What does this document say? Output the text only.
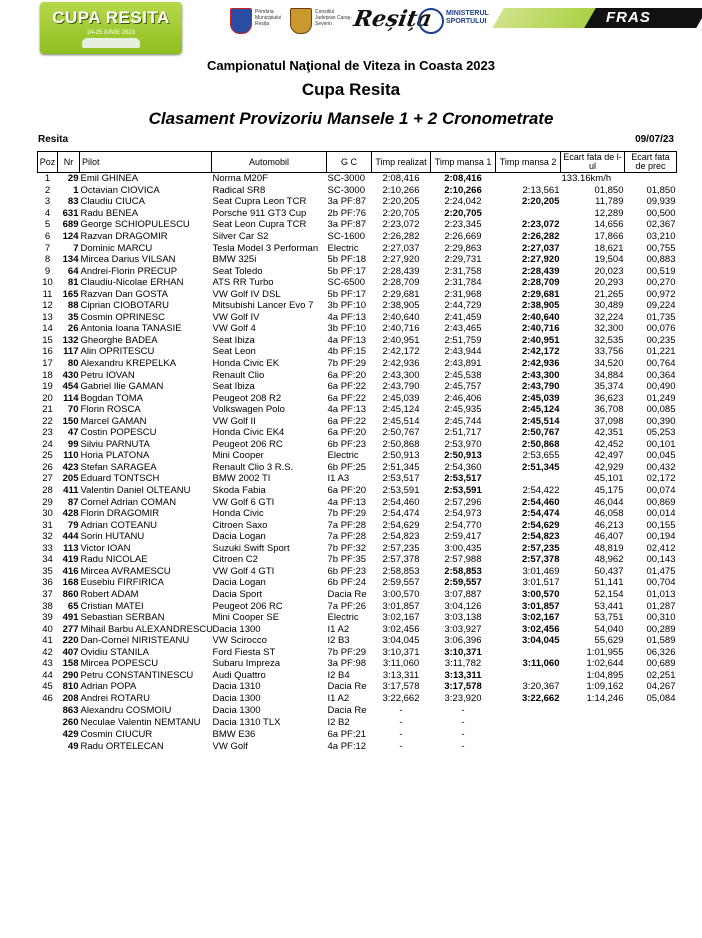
CUPA RESITA
24-25 IUNIE 2023
Primăria Municipiului Reșița
Consiliul Județean Caraș-Severin Reșița MINISTERUL SPORTULUI	FRAS
Campionatul Naţional de Viteza in Coasta 2023
Cupa Resita
Clasament Provizoriu Mansele 1 + 2 Cronometrate
Resita	09/07/23
Poz	Nr	Pilot	Automobil	G C	Timp realizat	Timp mansa 1	Timp mansa 2	Ecart fata de l-ul	Ecart fata de prec
1	29	Emil GHINEA	Norma M20F	SC-3000	2:08,416	2:08,416		133.16km/h	
2	1	Octavian CIOVICA	Radical SR8	SC-3000	2:10,266	2:10,266	2:13,561	01,850	01,850
3	83	Claudiu CIUCA	Seat Cupra Leon TCR	3a PF:87	2:20,205	2:24,042	2:20,205	11,789	09,939
4	631	Radu BENEA	Porsche 911 GT3 Cup	2b PF:76	2:20,705	2:20,705		12,289	00,500
5	689	George SCHIOPULESCU	Seat Leon Cupra TCR	3a PF:87	2:23,072	2:23,345	2:23,072	14,656	02,367
6	124	Razvan DRAGOMIR	Silver Car S2	SC-1600	2:26,282	2:26,669	2:26,282	17,866	03,210
7	7	Dominic MARCU	Tesla Model 3 Performan	Electric	2:27,037	2:29,863	2:27,037	18,621	00,755
8	134	Mircea Darius VILSAN	BMW 325i	5b PF:18	2:27,920	2:29,731	2:27,920	19,504	00,883
9	64	Andrei-Florin PRECUP	Seat Toledo	5b PF:17	2:28,439	2:31,758	2:28,439	20,023	00,519
10	81	Claudiu-Nicolae ERHAN	ATS RR Turbo	SC-6500	2:28,709	2:31,784	2:28,709	20,293	00,270
11	165	Razvan Dan GOSTA	VW Golf IV DSL	5b PF:17	2:29,681	2:31,968	2:29,681	21,265	00,972
12	88	Ciprian CIOBOTARU	Mitsubishi Lancer Evo 7	3b PF:10	2:38,905	2:44,729	2:38,905	30,489	09,224
13	35	Cosmin OPRINESC	VW Golf IV	4a PF:13	2:40,640	2:41,459	2:40,640	32,224	01,735
14	26	Antonia Ioana TANASIE	VW Golf 4	3b PF:10	2:40,716	2:43,465	2:40,716	32,300	00,076
15	132	Gheorghe BADEA	Seat Ibiza	4a PF:13	2:40,951	2:51,759	2:40,951	32,535	00,235
16	117	Alin OPRITESCU	Seat Leon	4b PF:15	2:42,172	2:43,944	2:42,172	33,756	01,221
17	80	Alexandru KREPELKA	Honda Civic EK	7b PF:29	2:42,936	2:43,891	2:42,936	34,520	00,764
18	430	Petru IOVAN	Renault Clio	6a PF:20	2:43,300	2:45,538	2:43,300	34,884	00,364
19	454	Gabriel Ilie GAMAN	Seat Ibiza	6a PF:22	2:43,790	2:45,757	2:43,790	35,374	00,490
20	114	Bogdan TOMA	Peugeot 208 R2	6a PF:22	2:45,039	2:46,406	2:45,039	36,623	01,249
21	70	Florin ROSCA	Volkswagen Polo	4a PF:13	2:45,124	2:45,935	2:45,124	36,708	00,085
22	150	Marcel GAMAN	VW Golf II	6a PF:22	2:45,514	2:45,744	2:45,514	37,098	00,390
23	47	Costin POPESCU	Honda Civic EK4	6a PF:20	2:50,767	2:51,717	2:50,767	42,351	05,253
24	99	Silviu PARNUTA	Peugeot 206 RC	6b PF:23	2:50,868	2:53,970	2:50,868	42,452	00,101
25	110	Horia PLATONA	Mini Cooper	Electric	2:50,913	2:50,913	2:53,655	42,497	00,045
26	423	Stefan SARAGEA	Renault Clio 3 R.S.	6b PF:25	2:51,345	2:54,360	2:51,345	42,929	00,432
27	205	Eduard TONTSCH	BMW 2002 TI	I1 A3	2:53,517	2:53,517		45,101	02,172
28	411	Valentin Daniel OLTEANU	Skoda Fabia	6a PF:20	2:53,591	2:53,591	2:54,422	45,175	00,074
29	87	Cornel Adrian COMAN	VW Golf 6 GTI	4a PF:13	2:54,460	2:57,296	2:54,460	46,044	00,869
30	428	Florin DRAGOMIR	Honda Civic	7b PF:29	2:54,474	2:54,973	2:54,474	46,058	00,014
31	79	Adrian COTEANU	Citroen Saxo	7a PF:28	2:54,629	2:54,770	2:54,629	46,213	00,155
32	444	Sorin HUTANU	Dacia Logan	7a PF:28	2:54,823	2:59,417	2:54,823	46,407	00,194
33	113	Victor IOAN	Suzuki Swift Sport	7b PF:32	2:57,235	3:00,435	2:57,235	48,819	02,412
34	419	Radu NICOLAE	Citroen C2	7b PF:35	2:57,378	2:57,988	2:57,378	48,962	00,143
35	416	Mircea AVRAMESCU	VW Golf 4 GTI	6b PF:23	2:58,853	2:58,853	3:01,469	50,437	01,475
36	168	Eusebiu FIRFIRICA	Dacia Logan	6b PF:24	2:59,557	2:59,557	3:01,517	51,141	00,704
37	860	Robert ADAM	Dacia Sport	Dacia Re	3:00,570	3:07,887	3:00,570	52,154	01,013
38	65	Cristian MATEI	Peugeot 206 RC	7a PF:26	3:01,857	3:04,126	3:01,857	53,441	01,287
39	491	Sebastian SERBAN	Mini Cooper SE	Electric	3:02,167	3:03,138	3:02,167	53,751	00,310
40	277	Mihail Barbu ALEXANDRESCU	Dacia 1300	I1 A2	3:02,456	3:03,927	3:02,456	54,040	00,289
41	220	Dan-Cornel NIRISTEANU	VW Scirocco	I2 B3	3:04,045	3:06,396	3:04,045	55,629	01,589
42	407	Ovidiu STANILA	Ford Fiesta ST	7b PF:29	3:10,371	3:10,371		1:01,955	06,326
43	158	Mircea POPESCU	Subaru Impreza	3a PF:98	3:11,060	3:11,782	3:11,060	1:02,644	00,689
44	290	Petru CONSTANTINESCU	Audi Quattro	I2 B4	3:13,311	3:13,311		1:04,895	02,251
45	810	Adrian POPA	Dacia 1310	Dacia Re	3:17,578	3:17,578	3:20,367	1:09,162	04,267
46	208	Andrei ROTARU	Dacia 1300	I1 A2	3:22,662	3:23,920	3:22,662	1:14,246	05,084
	863	Alexandru COSMOIU	Dacia 1300	Dacia Re	-	-			
	260	Neculae Valentin NEMTANU	Dacia 1310 TLX	I2 B2	-	-			
	429	Cosmin CIUCUR	BMW E36	6a PF:21	-	-			
	49	Radu ORTELECAN	VW Golf	4a PF:12	-	-			
